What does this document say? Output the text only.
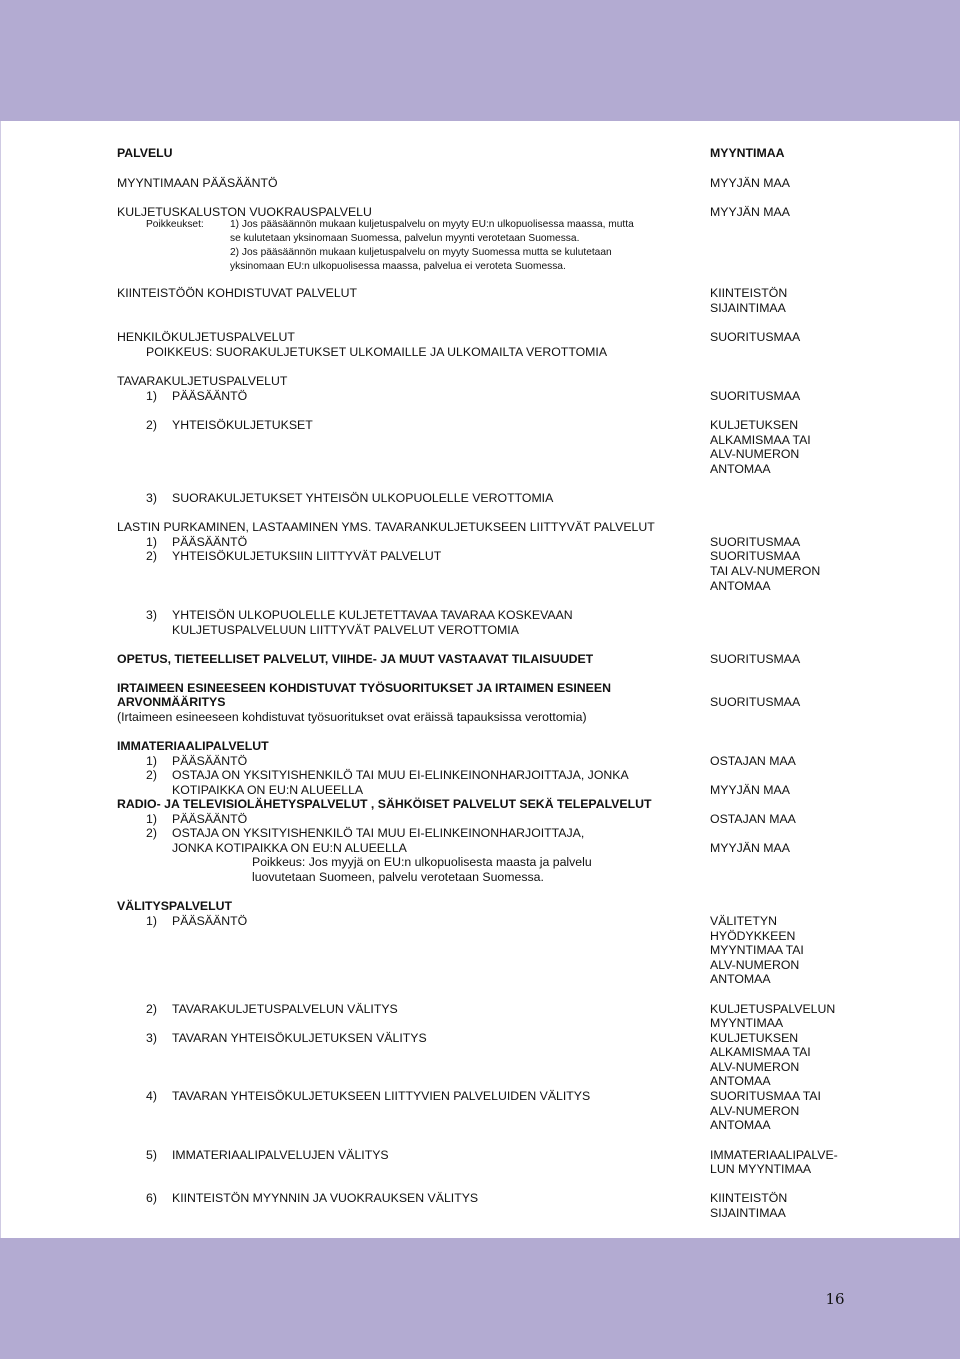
PALVELU	MYYNTIMAA
MYYNTIMAAN PÄÄSÄÄNTÖ	MYYJÄN MAA
KULJETUSKALUSTON VUOKRAUSPALVELU	MYYJÄN MAA
Poikkeukset:	1) Jos pääsäännön mukaan kuljetuspalvelu on myyty EU:n ulkopuolisessa maassa, mutta
se kulutetaan yksinomaan Suomessa, palvelun myynti verotetaan Suomessa.
2) Jos pääsäännön mukaan kuljetuspalvelu on myyty Suomessa mutta se kulutetaan
yksinomaan EU:n ulkopuolisessa maassa, palvelua ei veroteta Suomessa.
KIINTEISTÖÖN KOHDISTUVAT PALVELUT	KIINTEISTÖN
SIJAINTIMAA
HENKILÖKULJETUSPALVELUT	SUORITUSMAA
POIKKEUS: SUORAKULJETUKSET ULKOMAILLE JA ULKOMAILTA VEROTTOMIA
TAVARAKULJETUSPALVELUT
1)	PÄÄSÄÄNTÖ	SUORITUSMAA
2)	YHTEISÖKULJETUKSET	KULJETUKSEN
ALKAMISMAA TAI
ALV-NUMERON
ANTOMAA
3)	SUORAKULJETUKSET YHTEISÖN ULKOPUOLELLE VEROTTOMIA
LASTIN PURKAMINEN, LASTAAMINEN YMS. TAVARANKULJETUKSEEN LIITTYVÄT PALVELUT
1)	PÄÄSÄÄNTÖ	SUORITUSMAA
2)	YHTEISÖKULJETUKSIIN LIITTYVÄT PALVELUT	SUORITUSMAA
TAI ALV-NUMERON
ANTOMAA
3)	YHTEISÖN ULKOPUOLELLE KULJETETTAVAA TAVARAA KOSKEVAAN
KULJETUSPALVELUUN LIITTYVÄT PALVELUT VEROTTOMIA
OPETUS, TIETEELLISET PALVELUT, VIIHDE- JA MUUT VASTAAVAT TILAISUUDET	SUORITUSMAA
IRTAIMEEN ESINEESEEN KOHDISTUVAT TYÖSUORITUKSET JA IRTAIMEN ESINEEN
ARVONMÄÄRITYS	SUORITUSMAA
(Irtaimeen esineeseen kohdistuvat työsuoritukset ovat eräissä tapauksissa verottomia)
IMMATERIAALIPALVELUT
1)	PÄÄSÄÄNTÖ	OSTAJAN MAA
2)	OSTAJA ON YKSITYISHENKILÖ TAI MUU EI-ELINKEINONHARJOITTAJA, JONKA
KOTIPAIKKA ON EU:N ALUEELLA	MYYJÄN MAA
RADIO- JA TELEVISIOLÄHETYSPALVELUT , SÄHKÖISET PALVELUT SEKÄ TELEPALVELUT
1)	PÄÄSÄÄNTÖ	OSTAJAN MAA
2)	OSTAJA ON YKSITYISHENKILÖ TAI MUU EI-ELINKEINONHARJOITTAJA,
JONKA KOTIPAIKKA ON EU:N ALUEELLA	MYYJÄN MAA
Poikkeus: Jos myyjä on EU:n ulkopuolisesta maasta ja palvelu
luovutetaan Suomeen, palvelu verotetaan Suomessa.
VÄLITYSPALVELUT
1)	PÄÄSÄÄNTÖ	VÄLITETYN
HYÖDYKKEEN
MYYNTIMAA TAI
ALV-NUMERON
ANTOMAA
2)	TAVARAKULJETUSPALVELUN VÄLITYS	KULJETUSPALVELUN
MYYNTIMAA
3)	TAVARAN YHTEISÖKULJETUKSEN VÄLITYS	KULJETUKSEN
ALKAMISMAA TAI
ALV-NUMERON
ANTOMAA
4)	TAVARAN YHTEISÖKULJETUKSEEN LIITTYVIEN PALVELUIDEN VÄLITYS	SUORITUSMAA TAI
ALV-NUMERON
ANTOMAA
5)	IMMATERIAALIPALVELUJEN VÄLITYS	IMMATERIAALIPALVE-
LUN MYYNTIMAA
6)	KIINTEISTÖN MYYNNIN JA VUOKRAUKSEN VÄLITYS	KIINTEISTÖN
SIJAINTIMAA
16
